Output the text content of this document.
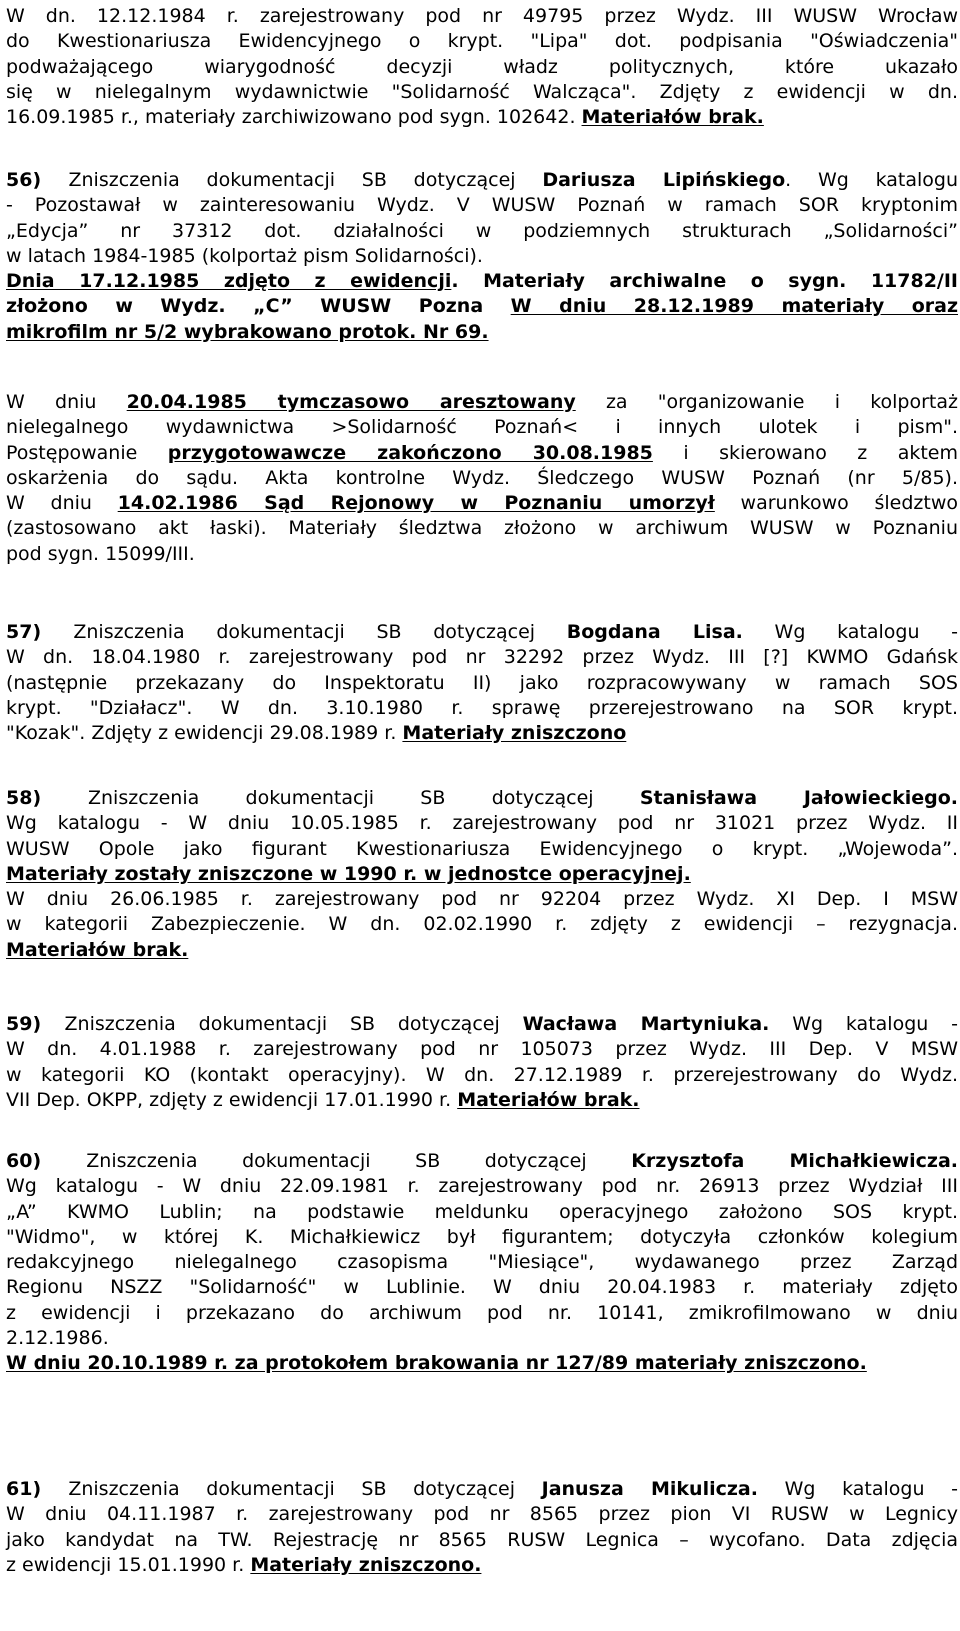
W dn. 12.12.1984 r. zarejestrowany pod nr 49795 przez Wydz. III WUSW Wrocław
do Kwestionariusza Ewidencyjnego o krypt. "Lipa" dot. podpisania "Oświadczenia"
podważającego wiarygodność decyzji władz politycznych, które ukazało
się w nielegalnym wydawnictwie "Solidarność Walcząca". Zdjęty z ewidencji w dn.
16.09.1985 r., materiały zarchiwizowano pod sygn. 102642. Materiałów brak.
56) Zniszczenia dokumentacji SB dotyczącej Dariusza Lipińskiego. Wg katalogu
- Pozostawał w zainteresowaniu Wydz. V WUSW Poznań w ramach SOR kryptonim
„Edycja” nr 37312 dot. działalności w podziemnych strukturach „Solidarności”
w latach 1984-1985 (kolportaż pism Solidarności).
Dnia 17.12.1985 zdjęto z ewidencji. Materiały archiwalne o sygn. 11782/II
złożono w Wydz. „C” WUSW Pozna W dniu 28.12.1989 materiały oraz
mikrofilm nr 5/2 wybrakowano protok. Nr 69.
W dniu 20.04.1985 tymczasowo aresztowany za "organizowanie i kolportaż
nielegalnego wydawnictwa >Solidarność Poznań< i innych ulotek i pism".
Postępowanie przygotowawcze zakończono 30.08.1985 i skierowano z aktem
oskarżenia do sądu. Akta kontrolne Wydz. Śledczego WUSW Poznań (nr 5/85).
W dniu 14.02.1986 Sąd Rejonowy w Poznaniu umorzył warunkowo śledztwo
(zastosowano akt łaski). Materiały śledztwa złożono w archiwum WUSW w Poznaniu
pod sygn. 15099/III.
57) Zniszczenia dokumentacji SB dotyczącej Bogdana Lisa. Wg katalogu -
W dn. 18.04.1980 r. zarejestrowany pod nr 32292 przez Wydz. III [?] KWMO Gdańsk
(następnie przekazany do Inspektoratu II) jako rozpracowywany w ramach SOS
krypt. "Działacz". W dn. 3.10.1980 r. sprawę przerejestrowano na SOR krypt.
"Kozak". Zdjęty z ewidencji 29.08.1989 r. Materiały zniszczono
58) Zniszczenia dokumentacji SB dotyczącej Stanisława Jałowieckiego.
Wg katalogu - W dniu 10.05.1985 r. zarejestrowany pod nr 31021 przez Wydz. II
WUSW Opole jako figurant Kwestionariusza Ewidencyjnego o krypt. „Wojewoda”.
Materiały zostały zniszczone w 1990 r. w jednostce operacyjnej.
W dniu 26.06.1985 r. zarejestrowany pod nr 92204 przez Wydz. XI Dep. I MSW
w kategorii Zabezpieczenie. W dn. 02.02.1990 r. zdjęty z ewidencji – rezygnacja.
Materiałów brak.
59) Zniszczenia dokumentacji SB dotyczącej Wacława Martyniuka. Wg katalogu -
W dn. 4.01.1988 r. zarejestrowany pod nr 105073 przez Wydz. III Dep. V MSW
w kategorii KO (kontakt operacyjny). W dn. 27.12.1989 r. przerejestrowany do Wydz.
VII Dep. OKPP, zdjęty z ewidencji 17.01.1990 r. Materiałów brak.
60) Zniszczenia dokumentacji SB dotyczącej Krzysztofa Michałkiewicza.
Wg katalogu - W dniu 22.09.1981 r. zarejestrowany pod nr. 26913 przez Wydział III
„A” KWMO Lublin; na podstawie meldunku operacyjnego założono SOS krypt.
"Widmo", w której K. Michałkiewicz był figurantem; dotyczyła członków kolegium
redakcyjnego nielegalnego czasopisma "Miesiące", wydawanego przez Zarząd
Regionu NSZZ "Solidarność" w Lublinie. W dniu 20.04.1983 r. materiały zdjęto
z ewidencji i przekazano do archiwum pod nr. 10141, zmikrofilmowano w dniu
2.12.1986.
W dniu 20.10.1989 r. za protokołem brakowania nr 127/89 materiały zniszczono.
61) Zniszczenia dokumentacji SB dotyczącej Janusza Mikulicza. Wg katalogu -
W dniu 04.11.1987 r. zarejestrowany pod nr 8565 przez pion VI RUSW w Legnicy
jako kandydat na TW. Rejestrację nr 8565 RUSW Legnica – wycofano. Data zdjęcia
z ewidencji 15.01.1990 r. Materiały zniszczono.
